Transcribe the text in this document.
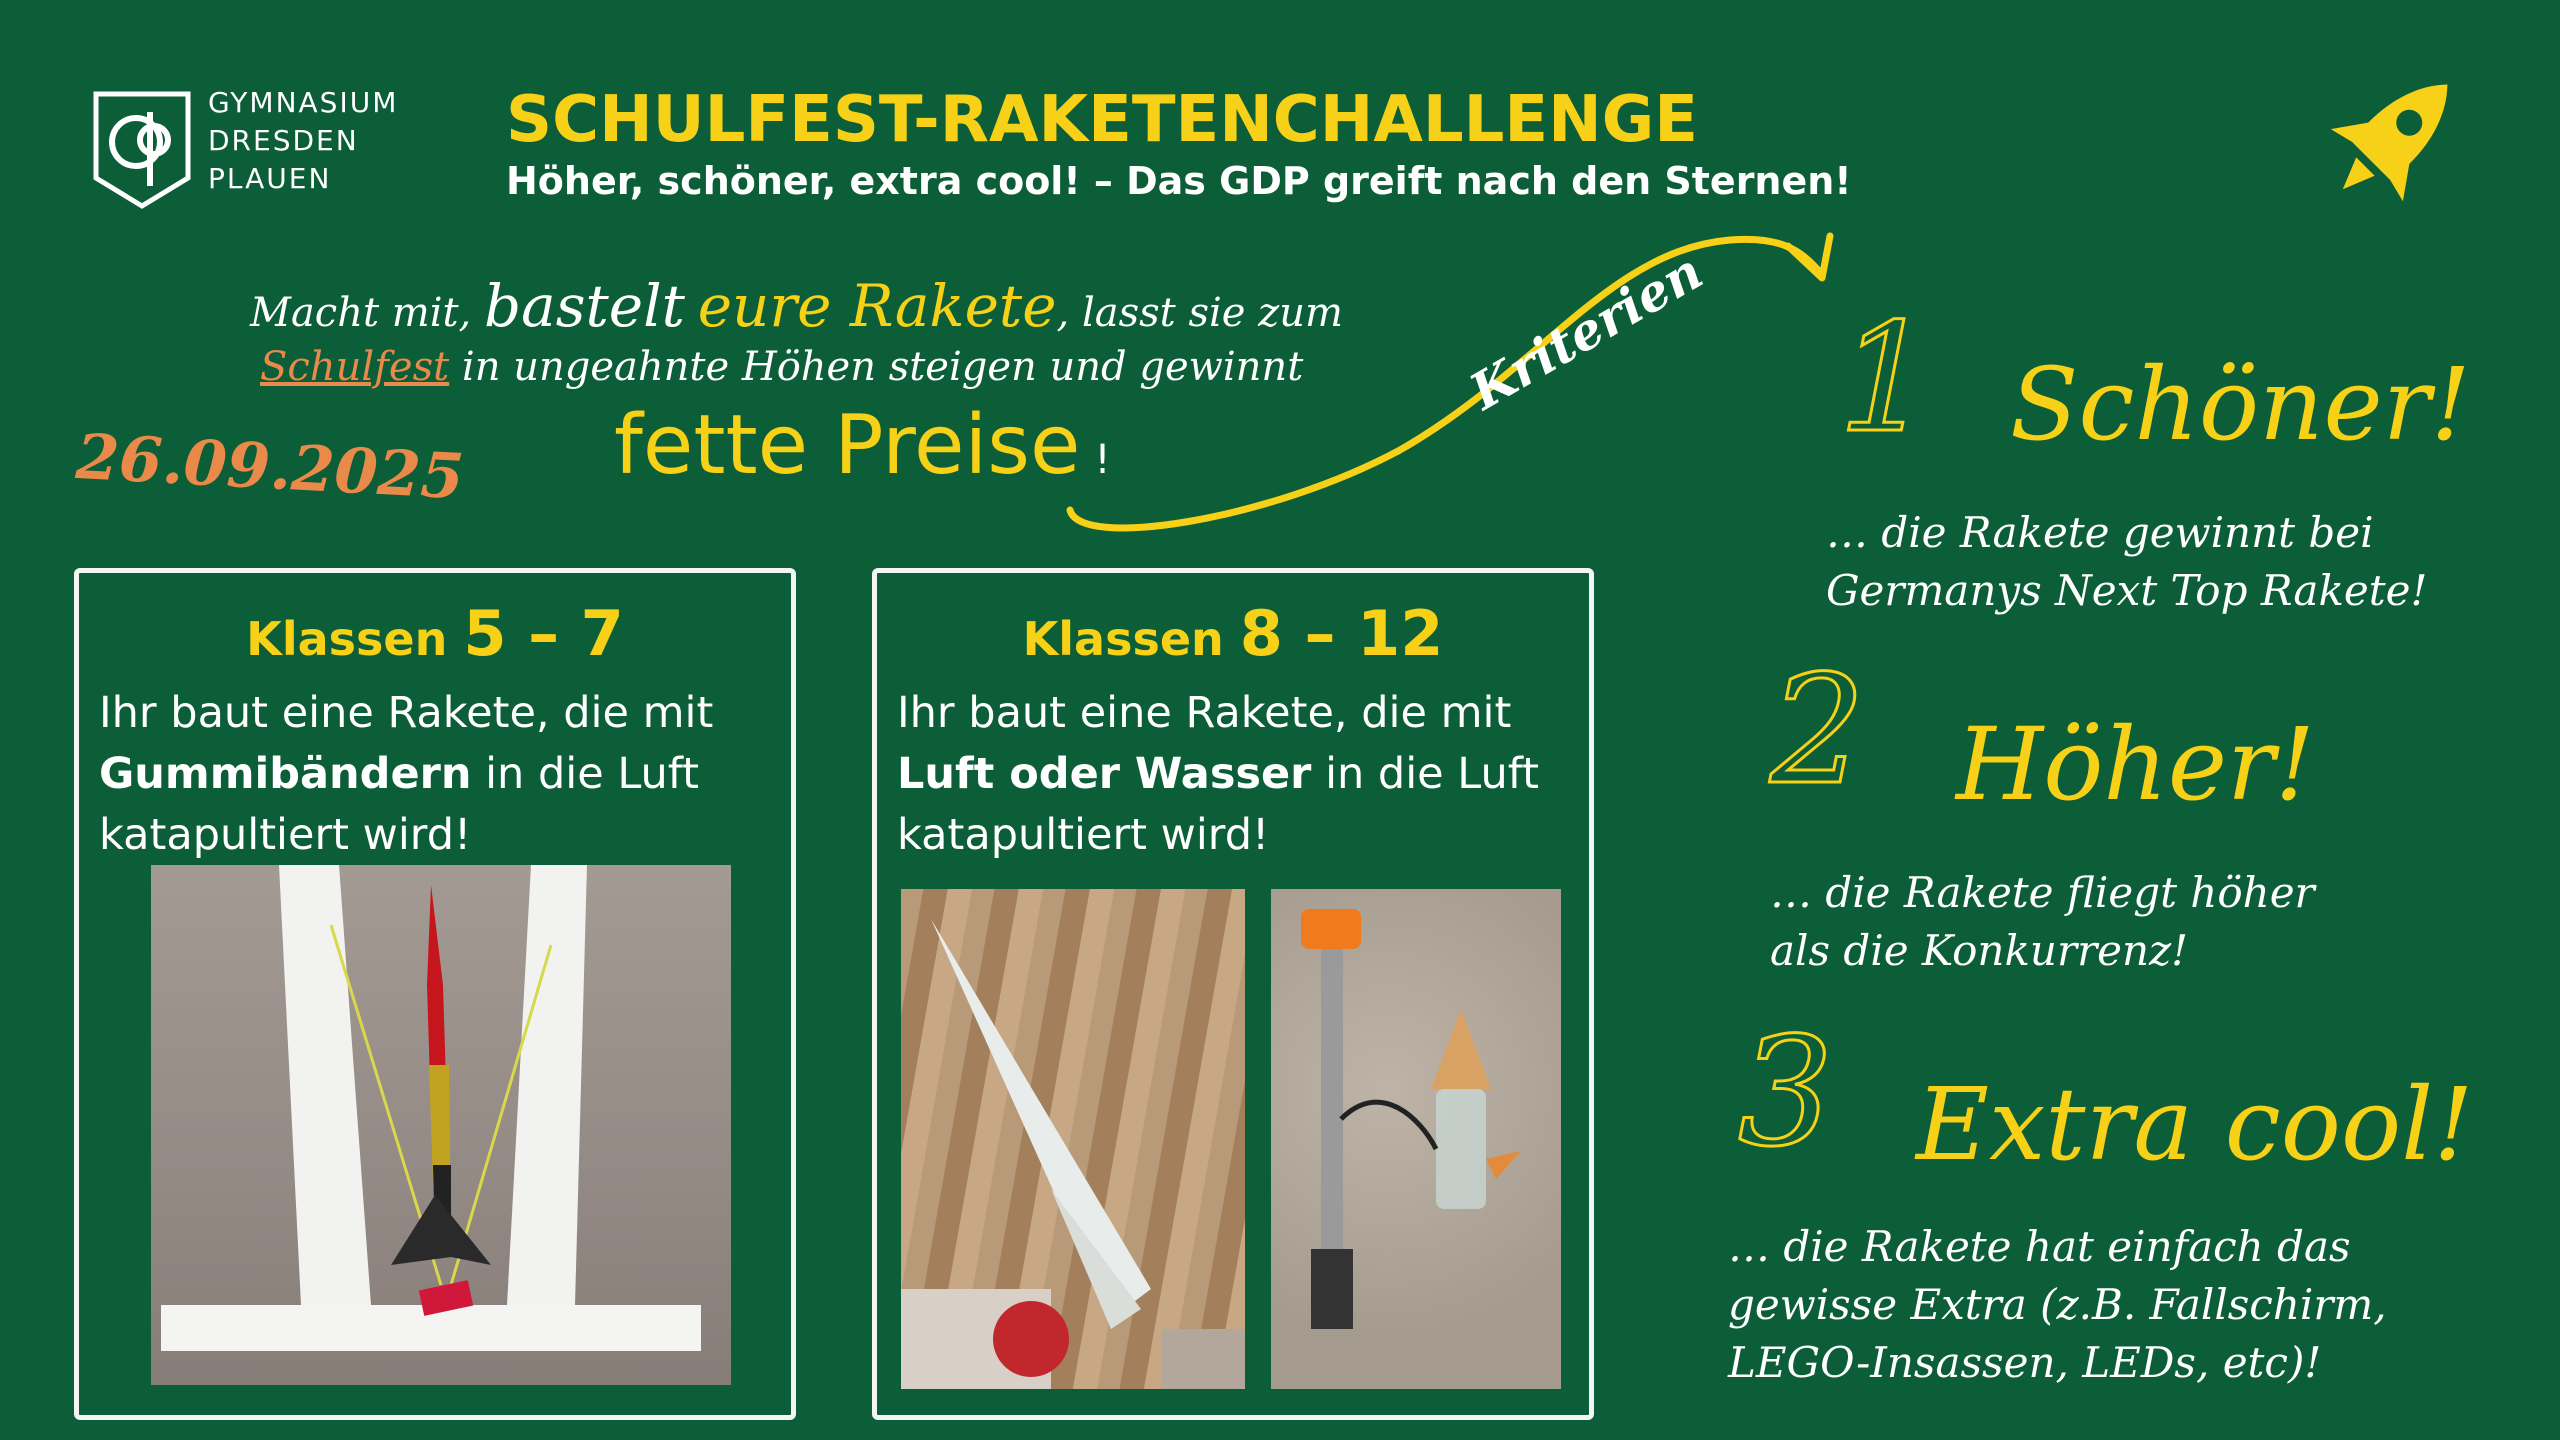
GYMNASIUM
DRESDEN
PLAUEN
SCHULFEST-RAKETENCHALLENGE
Höher, schöner, extra cool! – Das GDP greift nach den Sternen!
Macht mit, bastelt eure Rakete, lasst sie zum
Schulfest in ungeahnte Höhen steigen und gewinnt
fette Preise !
26.09.2025
Kriterien
Klassen 5 – 7
Ihr baut eine Rakete, die mit Gummibändern in die Luft katapultiert wird!
Klassen 8 – 12
Ihr baut eine Rakete, die mit Luft oder Wasser in die Luft katapultiert wird!
1 Schöner!
… die Rakete gewinnt bei
Germanys Next Top Rakete!
2 Höher!
… die Rakete fliegt höher
als die Konkurrenz!
3 Extra cool!
… die Rakete hat einfach das
gewisse Extra (z.B. Fallschirm,
LEGO-Insassen, LEDs, etc)!
